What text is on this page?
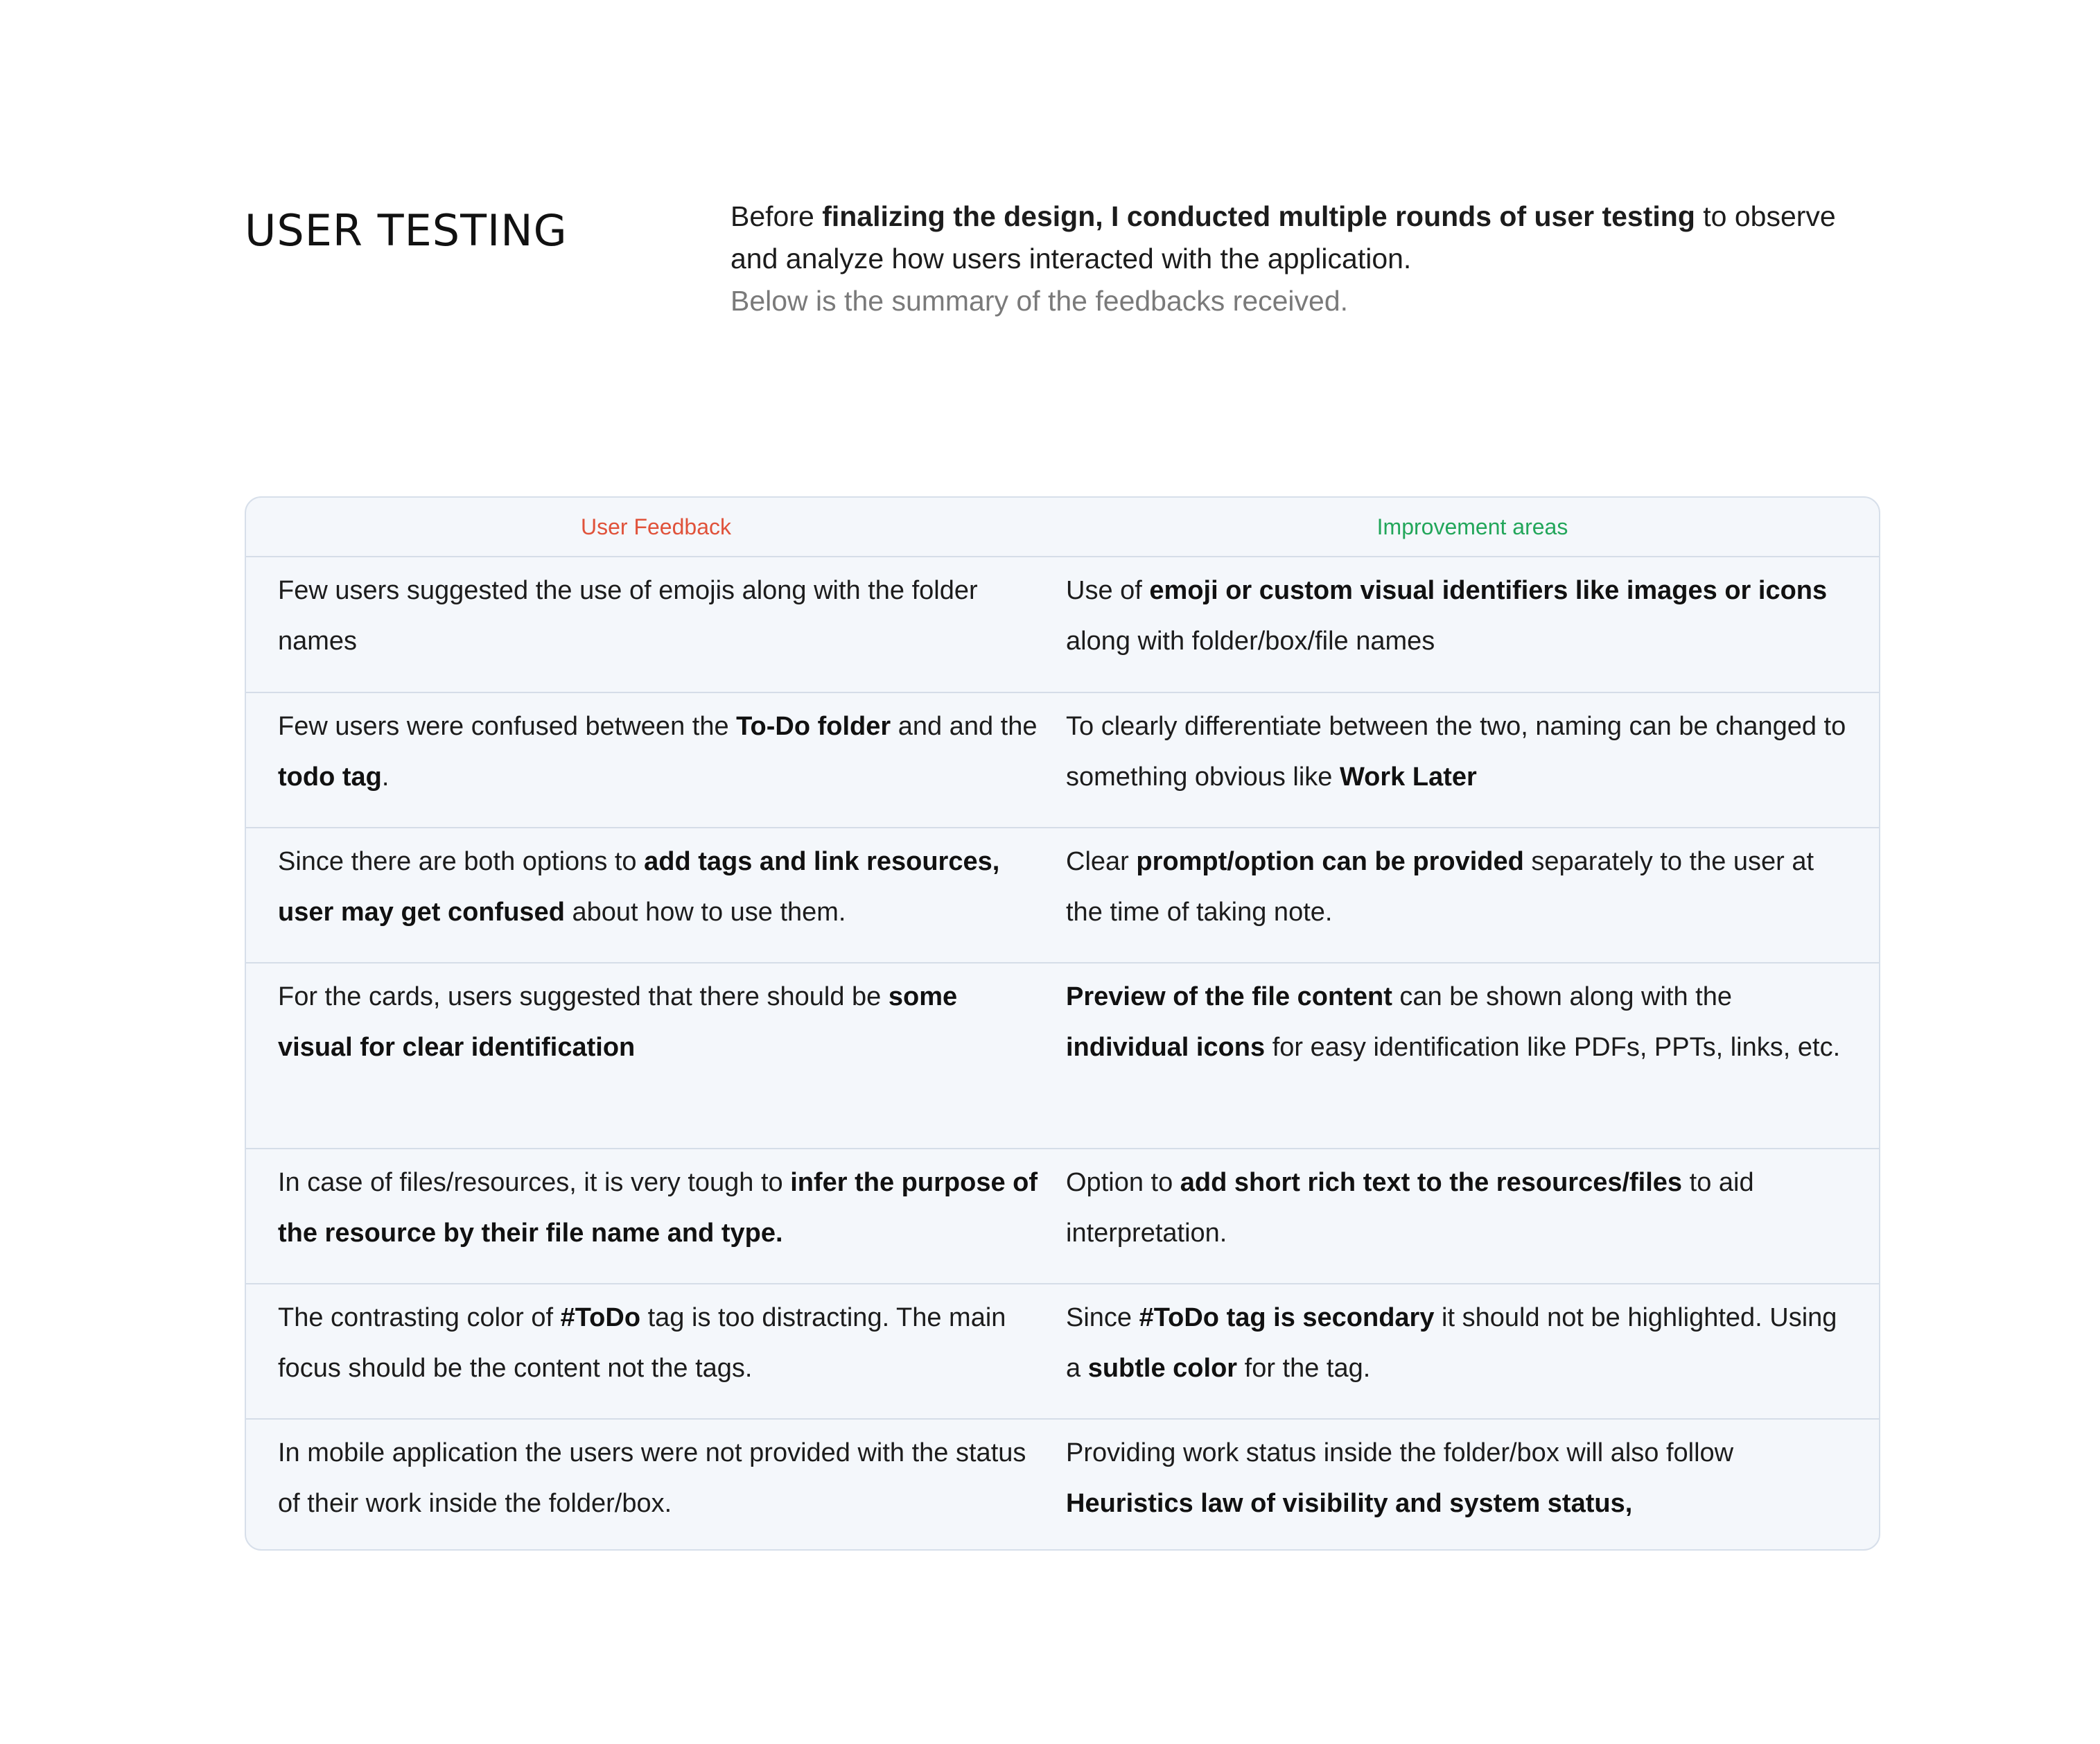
USER TESTING	Before finalizing the design, I conducted multiple rounds of user testing to observe and analyze how users interacted with the application.

Below is the summary of the feedbacks received.

User Feedback	Improvement areas
Few users suggested the use of emojis along with the folder names
Use of emoji or custom visual identifiers like images or icons along with folder/box/file names
Few users were confused between the To-Do folder and and the todo tag.
To clearly differentiate between the two, naming can be changed to something obvious like Work Later
Since there are both options to add tags and link resources, user may get confused about how to use them.
Clear prompt/option can be provided separately to the user at the time of taking note.
For the cards, users suggested that there should be some visual for clear identification
Preview of the file content can be shown along with the individual icons for easy identification like PDFs, PPTs, links, etc.
In case of files/resources, it is very tough to infer the purpose of the resource by their file name and type.
Option to add short rich text to the resources/files to aid interpretation.
The contrasting color of #ToDo tag is too distracting. The main focus should be the content not the tags.
Since #ToDo tag is secondary it should not be highlighted. Using a subtle color for the tag.
In mobile application the users were not provided with the status of their work inside the folder/box.
Providing work status inside the folder/box will also follow Heuristics law of visibility and system status,
